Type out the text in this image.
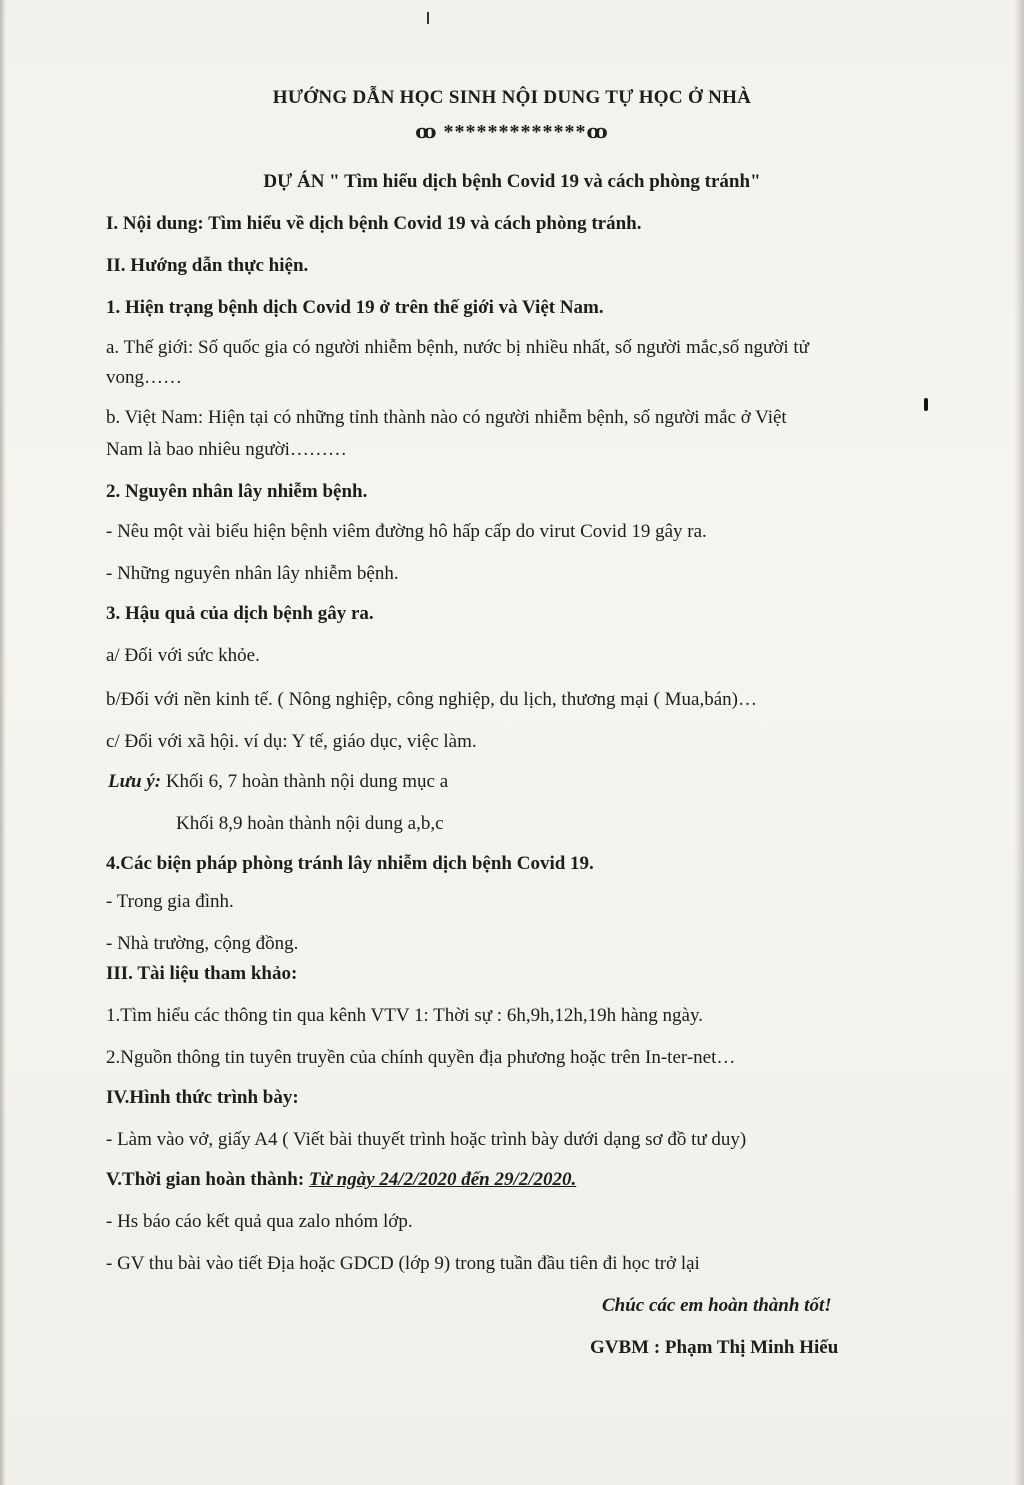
HƯỚNG DẪN HỌC SINH NỘI DUNG TỰ HỌC Ở NHÀ
ꝏ *************ꝏ
DỰ ÁN " Tìm hiểu dịch bệnh Covid 19 và cách phòng tránh"
I. Nội dung: Tìm hiểu về dịch bệnh Covid 19 và cách phòng tránh.
II. Hướng dẫn thực hiện.
1. Hiện trạng bệnh dịch Covid 19 ở trên thế giới và Việt Nam.
a. Thế giới: Số quốc gia có người nhiễm bệnh, nước bị nhiều nhất, số người mắc,số người tử
vong……
b. Việt Nam: Hiện tại có những tỉnh thành nào có người nhiễm bệnh, số người mắc ở Việt
Nam là bao nhiêu người………
2. Nguyên nhân lây nhiễm bệnh.
- Nêu một vài biểu hiện bệnh viêm đường hô hấp cấp do virut Covid 19 gây ra.
- Những nguyên nhân lây nhiễm bệnh.
3. Hậu quả của dịch bệnh gây ra.
a/ Đối với sức khỏe.
b/Đối với nền kinh tế. ( Nông nghiệp, công nghiệp, du lịch, thương mại ( Mua,bán)…
c/ Đối với xã hội. ví dụ: Y tế, giáo dục, việc làm.
Lưu ý: Khối 6, 7 hoàn thành nội dung mục a
Khối 8,9 hoàn thành nội dung a,b,c
4.Các biện pháp phòng tránh lây nhiễm dịch bệnh Covid 19.
- Trong gia đình.
- Nhà trường, cộng đồng.
III. Tài liệu tham khảo:
1.Tìm hiểu các thông tin qua kênh VTV 1: Thời sự : 6h,9h,12h,19h hàng ngày.
2.Nguồn thông tin tuyên truyền của chính quyền địa phương hoặc trên In-ter-net…
IV.Hình thức trình bày:
- Làm vào vở, giấy A4 ( Viết bài thuyết trình hoặc trình bày dưới dạng sơ đồ tư duy)
V.Thời gian hoàn thành: Từ ngày 24/2/2020 đến 29/2/2020.
- Hs báo cáo kết quả qua zalo nhóm lớp.
- GV thu bài vào tiết Địa hoặc GDCD (lớp 9) trong tuần đầu tiên đi học trở lại
Chúc các em hoàn thành tốt!
GVBM : Phạm Thị Minh Hiếu
